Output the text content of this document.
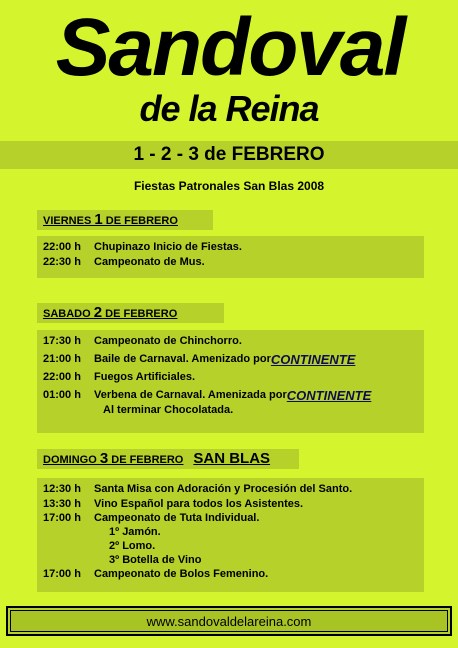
Sandoval
de la Reina
1 - 2 - 3 de FEBRERO
Fiestas Patronales San Blas 2008
VIERNES 1 DE FEBRERO
22:00 h	Chupinazo Inicio de Fiestas.
22:30 h	Campeonato de Mus.
SABADO 2 DE FEBRERO
17:30 h	Campeonato de Chinchorro.
21:00 h	Baile de Carnaval. Amenizado por CONTINENTE
22:00 h	Fuegos Artificiales.
01:00 h	Verbena de Carnaval. Amenizada por CONTINENTE
Al terminar Chocolatada.
DOMINGO 3 DE FEBRERO SAN BLAS
12:30 h	Santa Misa con Adoración y Procesión del Santo.
13:30 h	Vino Español para todos los Asistentes.
17:00 h	Campeonato de Tuta Individual.
1º Jamón.
2º Lomo.
3º Botella de Vino
17:00 h	Campeonato de Bolos Femenino.
www.sandovaldelareina.com
